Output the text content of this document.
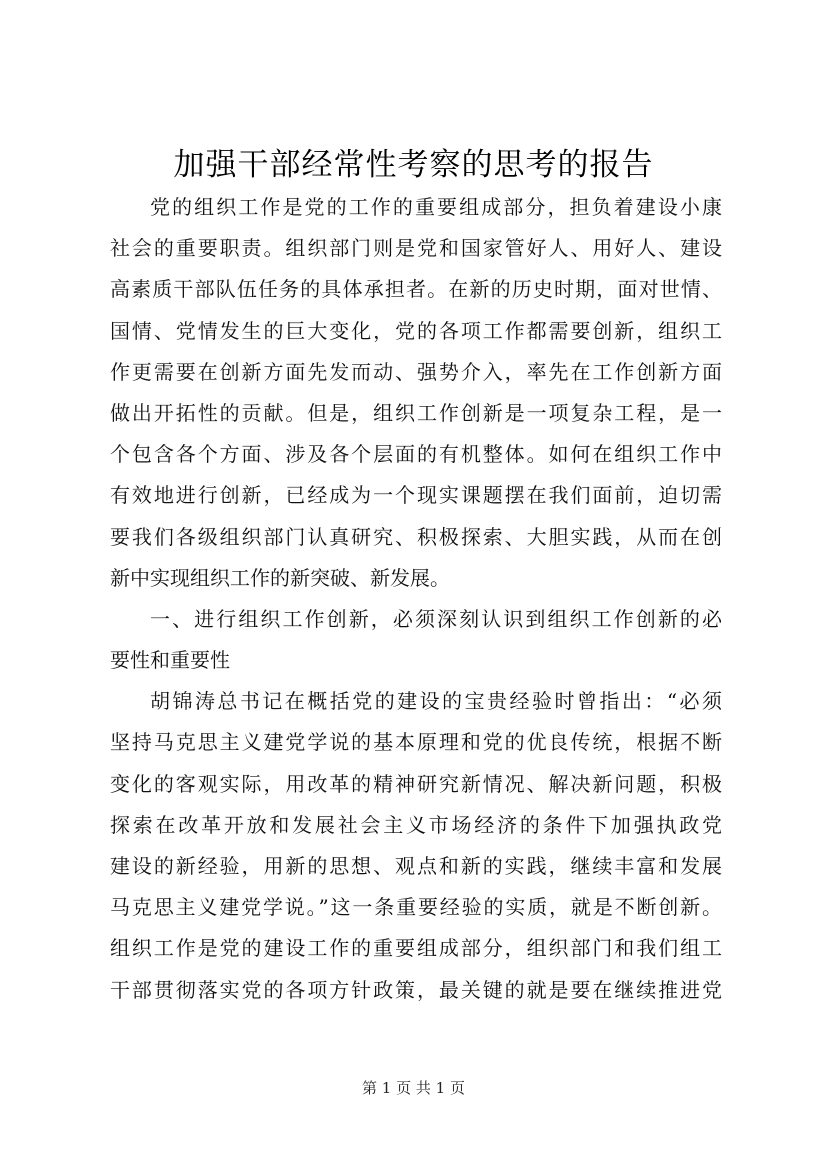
加强干部经常性考察的思考的报告
党的组织工作是党的工作的重要组成部分，担负着建设小康
社会的重要职责。组织部门则是党和国家管好人、用好人、建设
高素质干部队伍任务的具体承担者。在新的历史时期，面对世情、
国情、党情发生的巨大变化，党的各项工作都需要创新，组织工
作更需要在创新方面先发而动、强势介入，率先在工作创新方面
做出开拓性的贡献。但是，组织工作创新是一项复杂工程，是一
个包含各个方面、涉及各个层面的有机整体。如何在组织工作中
有效地进行创新，已经成为一个现实课题摆在我们面前，迫切需
要我们各级组织部门认真研究、积极探索、大胆实践，从而在创
新中实现组织工作的新突破、新发展。
一、进行组织工作创新，必须深刻认识到组织工作创新的必
要性和重要性
胡锦涛总书记在概括党的建设的宝贵经验时曾指出：“必须
坚持马克思主义建党学说的基本原理和党的优良传统，根据不断
变化的客观实际，用改革的精神研究新情况、解决新问题，积极
探索在改革开放和发展社会主义市场经济的条件下加强执政党
建设的新经验，用新的思想、观点和新的实践，继续丰富和发展
马克思主义建党学说。”这一条重要经验的实质，就是不断创新。
组织工作是党的建设工作的重要组成部分，组织部门和我们组工
干部贯彻落实党的各项方针政策，最关键的就是要在继续推进党
第 1 页 共 1 页
